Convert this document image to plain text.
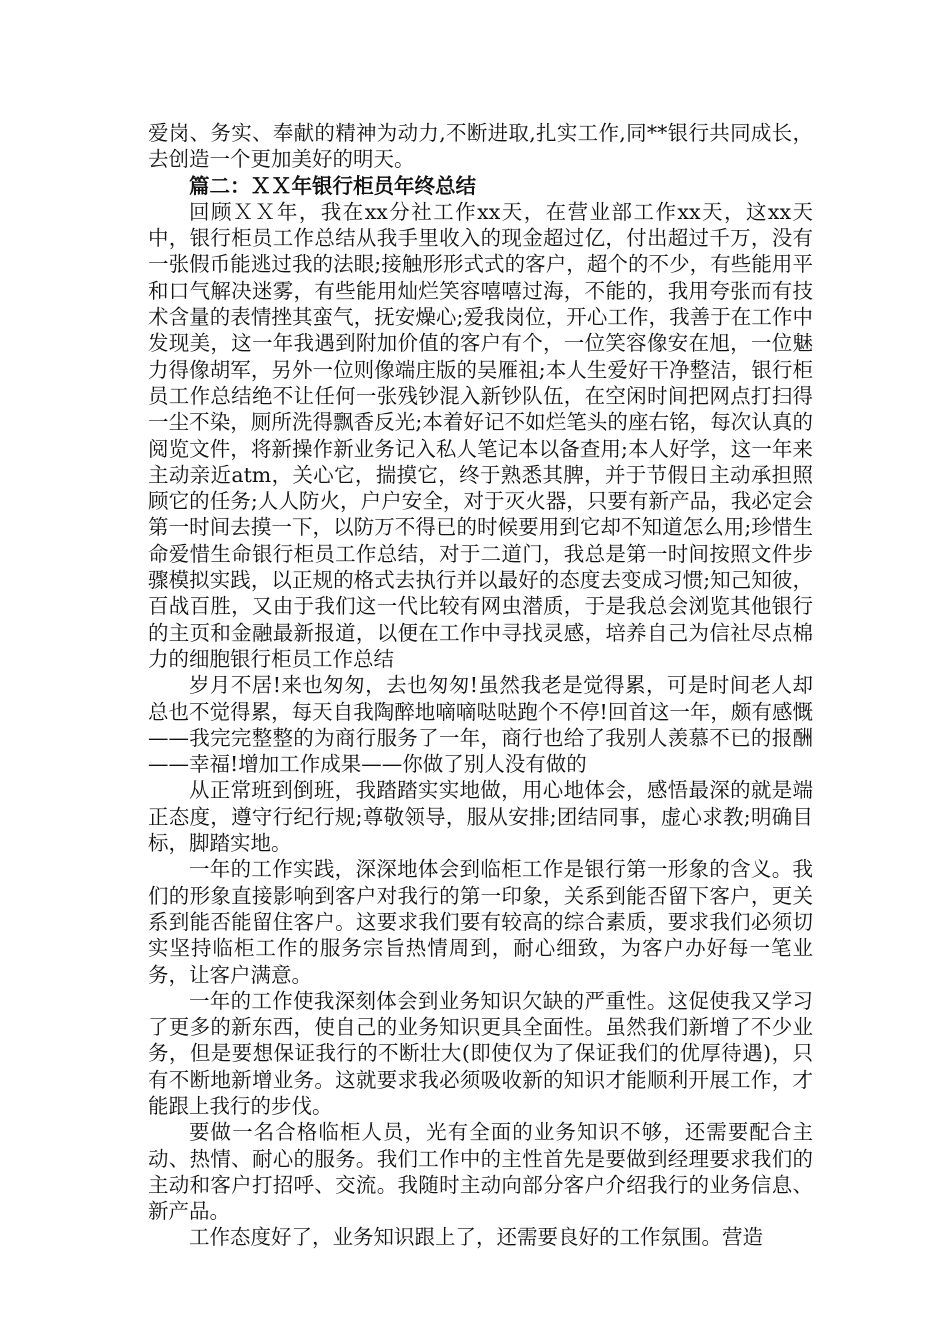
爱岗、务实、奉献的精神为动力,不断进取,扎实工作,同**银行共同成长，去创造一个更加美好的明天。

篇二：ＸＸ年银行柜员年终总结

回顾ＸＸ年，我在xx分社工作xx天，在营业部工作xx天，这xx天中，银行柜员工作总结从我手里收入的现金超过亿，付出超过千万，没有一张假币能逃过我的法眼;接触形形式式的客户，超个的不少，有些能用平和口气解决迷雾，有些能用灿烂笑容嘻嘻过海，不能的，我用夸张而有技术含量的表情挫其蛮气，抚安燥心;爱我岗位，开心工作，我善于在工作中发现美，这一年我遇到附加价值的客户有个，一位笑容像安在旭，一位魅力得像胡军，另外一位则像端庄版的吴雁祖;本人生爱好干净整洁，银行柜员工作总结绝不让任何一张残钞混入新钞队伍，在空闲时间把网点打扫得一尘不染，厕所洗得飘香反光;本着好记不如烂笔头的座右铭，每次认真的阅览文件，将新操作新业务记入私人笔记本以备查用;本人好学，这一年来主动亲近atm，关心它，揣摸它，终于熟悉其脾，并于节假日主动承担照顾它的任务;人人防火，户户安全，对于灭火器，只要有新产品，我必定会第一时间去摸一下，以防万不得已的时候要用到它却不知道怎么用;珍惜生命爱惜生命银行柜员工作总结，对于二道门，我总是第一时间按照文件步骤模拟实践，以正规的格式去执行并以最好的态度去变成习惯;知己知彼，百战百胜，又由于我们这一代比较有网虫潜质，于是我总会浏览其他银行的主页和金融最新报道，以便在工作中寻找灵感，培养自己为信社尽点棉力的细胞银行柜员工作总结

岁月不居!来也匆匆，去也匆匆!虽然我老是觉得累，可是时间老人却总也不觉得累，每天自我陶醉地嘀嘀哒哒跑个不停!回首这一年，颇有感慨——我完完整整的为商行服务了一年，商行也给了我别人羡慕不已的报酬——幸福!增加工作成果——你做了别人没有做的

从正常班到倒班，我踏踏实实地做，用心地体会，感悟最深的就是端正态度，遵守行纪行规;尊敬领导，服从安排;团结同事，虚心求教;明确目标，脚踏实地。

一年的工作实践，深深地体会到临柜工作是银行第一形象的含义。我们的形象直接影响到客户对我行的第一印象，关系到能否留下客户，更关系到能否能留住客户。这要求我们要有较高的综合素质，要求我们必须切实坚持临柜工作的服务宗旨热情周到，耐心细致，为客户办好每一笔业务，让客户满意。

一年的工作使我深刻体会到业务知识欠缺的严重性。这促使我又学习了更多的新东西，使自己的业务知识更具全面性。虽然我们新增了不少业务，但是要想保证我行的不断壮大(即使仅为了保证我们的优厚待遇)，只有不断地新增业务。这就要求我必须吸收新的知识才能顺利开展工作，才能跟上我行的步伐。

要做一名合格临柜人员，光有全面的业务知识不够，还需要配合主动、热情、耐心的服务。我们工作中的主性首先是要做到经理要求我们的主动和客户打招呼、交流。我随时主动向部分客户介绍我行的业务信息、新产品。

工作态度好了，业务知识跟上了，还需要良好的工作氛围。营造
